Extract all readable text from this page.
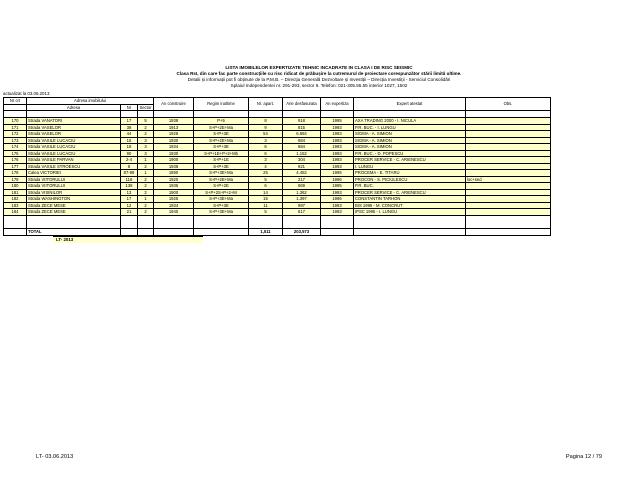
LISTA IMOBILELOR EXPERTIZATE TEHNIC INCADRATE IN CLASA I DE RISC SEISMIC
Clasa RsI, din care fac parte construcțiile cu risc ridicat de prăbușire la cutremurul de proiectare corespunzător stării limită ultime.
Detalii și informații pot fi obținute de la P.M.B. – Direcția Generală Dezvoltare și Investiții – Direcția Investiții - Serviciul Consolidări
Splaiul Independentei nr. 291-293, sector 6. Telefon: 021-305.55.55 interior 1027, 1502
actualizat la 03.06.2013
Nr crt	Adresa imobilului			An construire	Regim inaltime	Nr. apart.	Arie desfasurata	An expertiza	Expert atestat	Obs.
	Adresa	Nr	Sector							

170	Strada VANATORI	17	5	1938	P+5	8	918	1995	AXA TRADING 2000 - I. NICULA	
171	Strada VASELOR	38	2	1913	S+P+2E+Ma	9	815	1993	P.R. BUC. - I. LUNGU	
172	Strada VASELOR	44	2	1928	S+P+3E	54	6.684	1993	SIGMA - A. SIMION	
173	Strada VASILE LUCACIU	15	3	1930	S+P+2E+Ma	3	684	1993	SIGMA - A. SIMION	
174	Strada VASILE LUCACIU	18	3	1934	S+P+3E	6	684	1993	SIGMA - A. SIMION	
175	Strada VASILE LUCACIU	90	3	1930	S+P+1E+P+2+Mb	6	1.152	1993	P.R. BUC. - D. POPESCU	
176	Strada VASILE PARVAN	2-4	1	1900	S+P+1E	3	304	1993	PROCER SERVICE - C. ARIENESCU	
177	Strada VASILE STROESCU	8	2	1938	S+P+3E	4	921	1993	I. LUNGU	
178	Calea VICTORIEI	87-89	1	1890	S+P+3E+Ma	25	4.452	1995	PROCEMA - E. TITARU	
179	Strada VIITORULUI	116	2	1920	S+P+2E+Ma	5	217	1996	PROCON - S. PICIULESCU	loc+sed
180	Strada VIITORULUI	138	2	1935	S+P+2E	6	669	1995	P.R. BUC.	
181	Strada VISINILOR	13	2	1900	S+P+2S+P+2+M	14	1.362	1993	PROCER SERVICE - C. ARIENESCU	
182	Strada WASHINGTON	17	1	1925	S+P+3E+Ma	15	1.397	1996	CONSTANTIN TARHON	
183	Strada ZECE MESE	12	2	1934	S+P+3E	11	997	1993	BIS 1995 - M. CONCRUT	
184	Strada ZECE MESE	21	2	1940	S+P+3E+Ma	5	617	1993	IPSC 1995 - I. LUNGU	

	TOTAL					1,511	203,573			
LT- 2013
LT- 03.06.2013	Pagina 12 / 79
